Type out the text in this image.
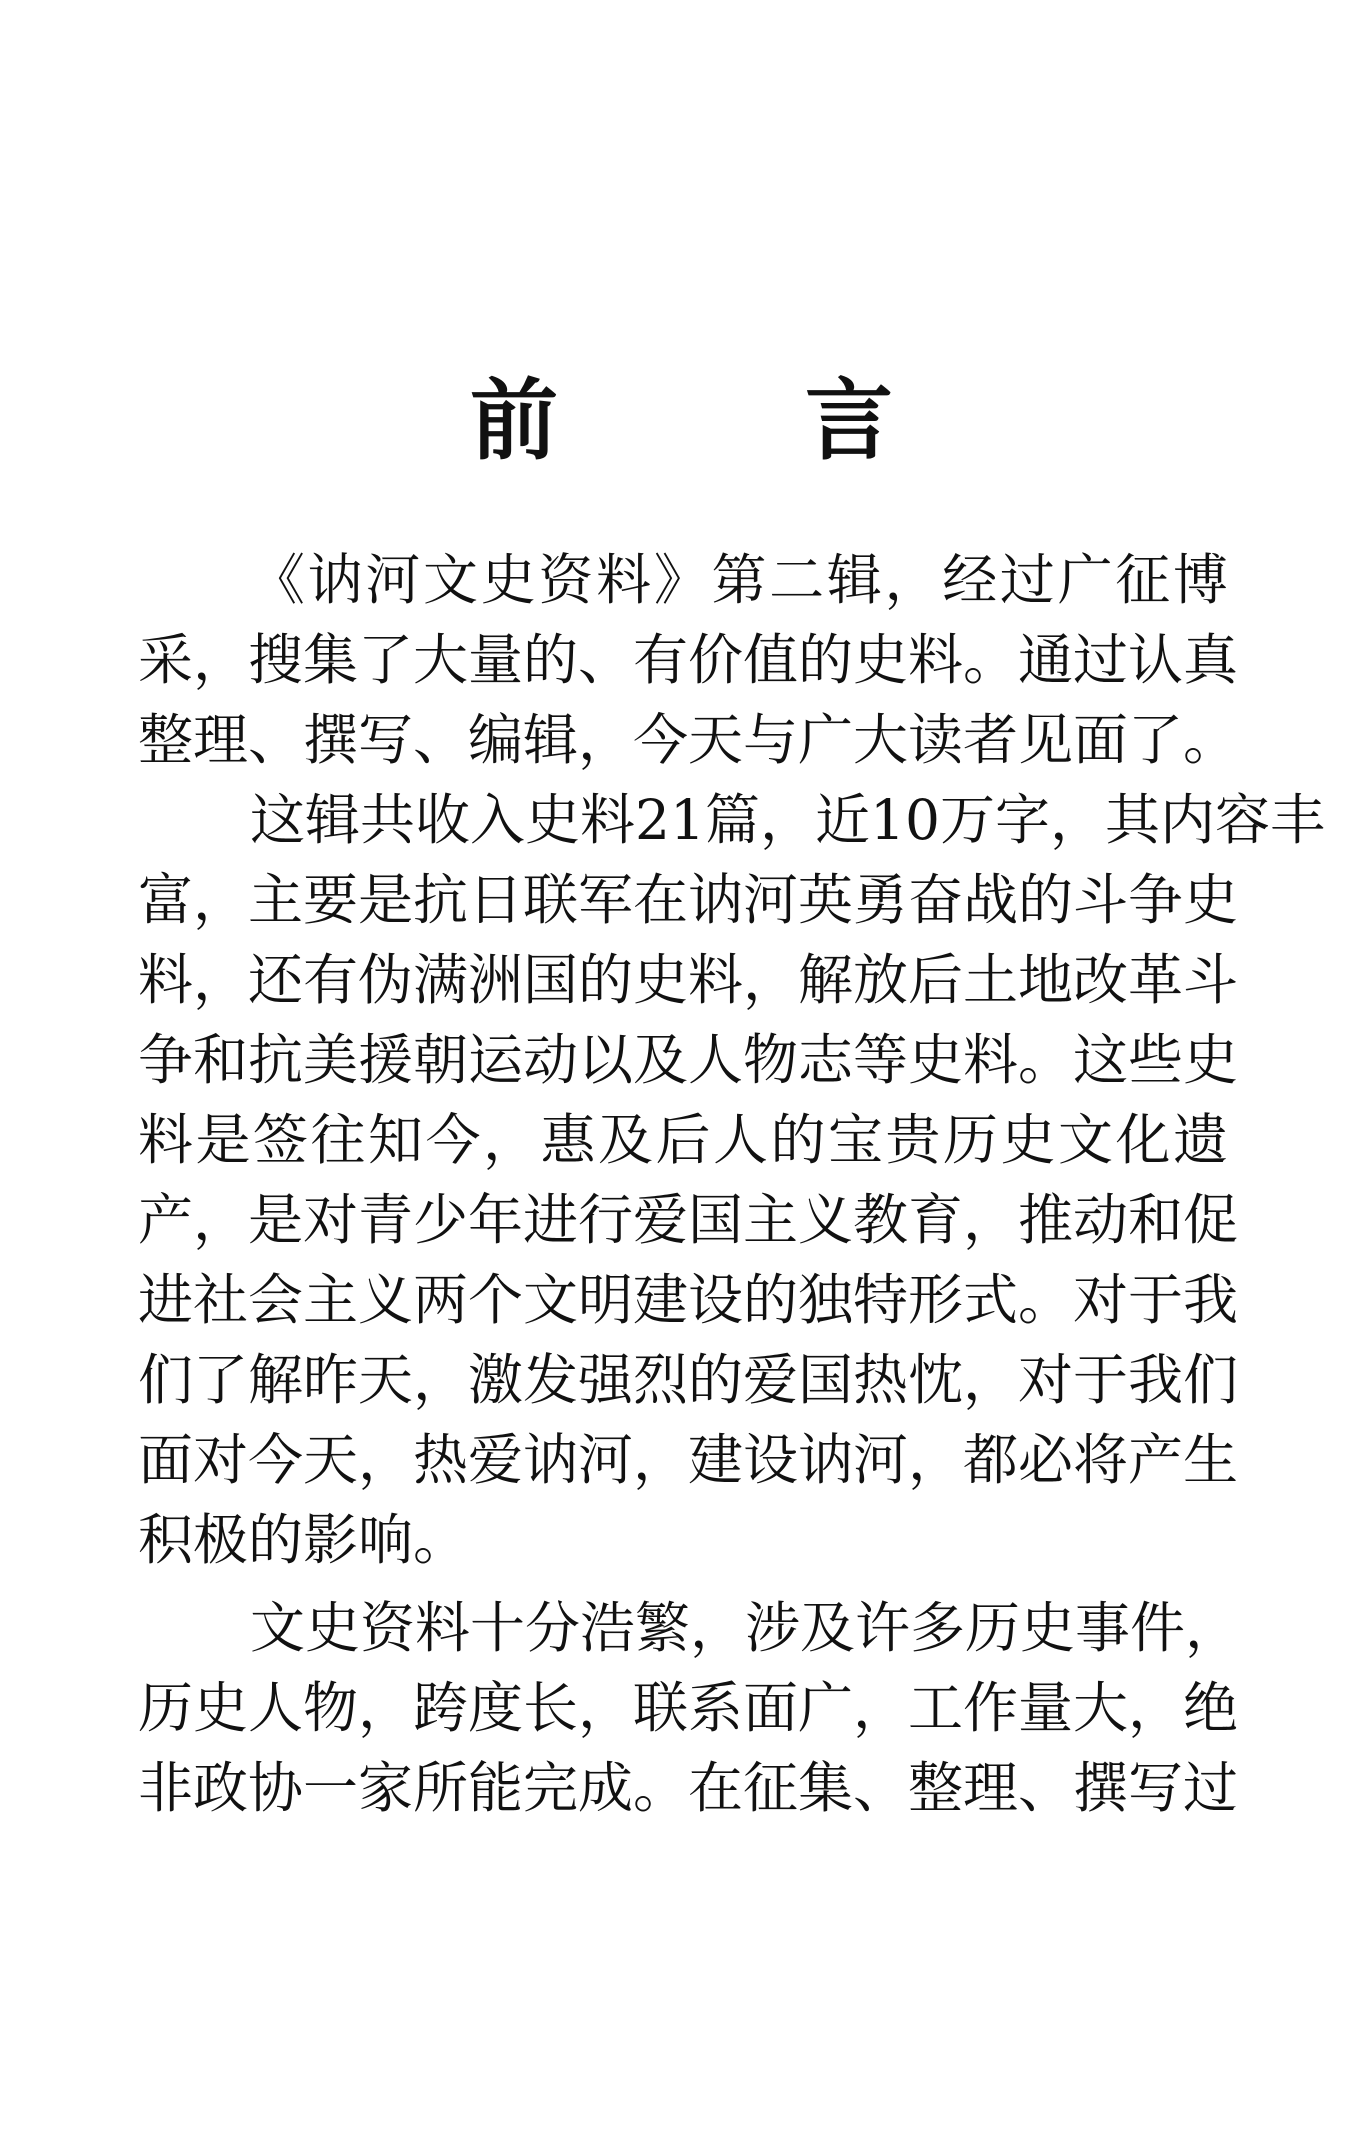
前	言
《讷河文史资料》第二辑，经过广征博
采，搜集了大量的、有价值的史料。通过认真
整理、撰写、编辑，今天与广大读者见面了。
这辑共收入史料21篇，近10万字，其内容丰
富，主要是抗日联军在讷河英勇奋战的斗争史
料，还有伪满洲国的史料，解放后土地改革斗
争和抗美援朝运动以及人物志等史料。这些史
料是签往知今，惠及后人的宝贵历史文化遗
产，是对青少年进行爱国主义教育，推动和促
进社会主义两个文明建设的独特形式。对于我
们了解昨天，激发强烈的爱国热忱，对于我们
面对今天，热爱讷河，建设讷河，都必将产生
积极的影响。
文史资料十分浩繁，涉及许多历史事件，
历史人物，跨度长，联系面广，工作量大，绝
非政协一家所能完成。在征集、整理、撰写过
